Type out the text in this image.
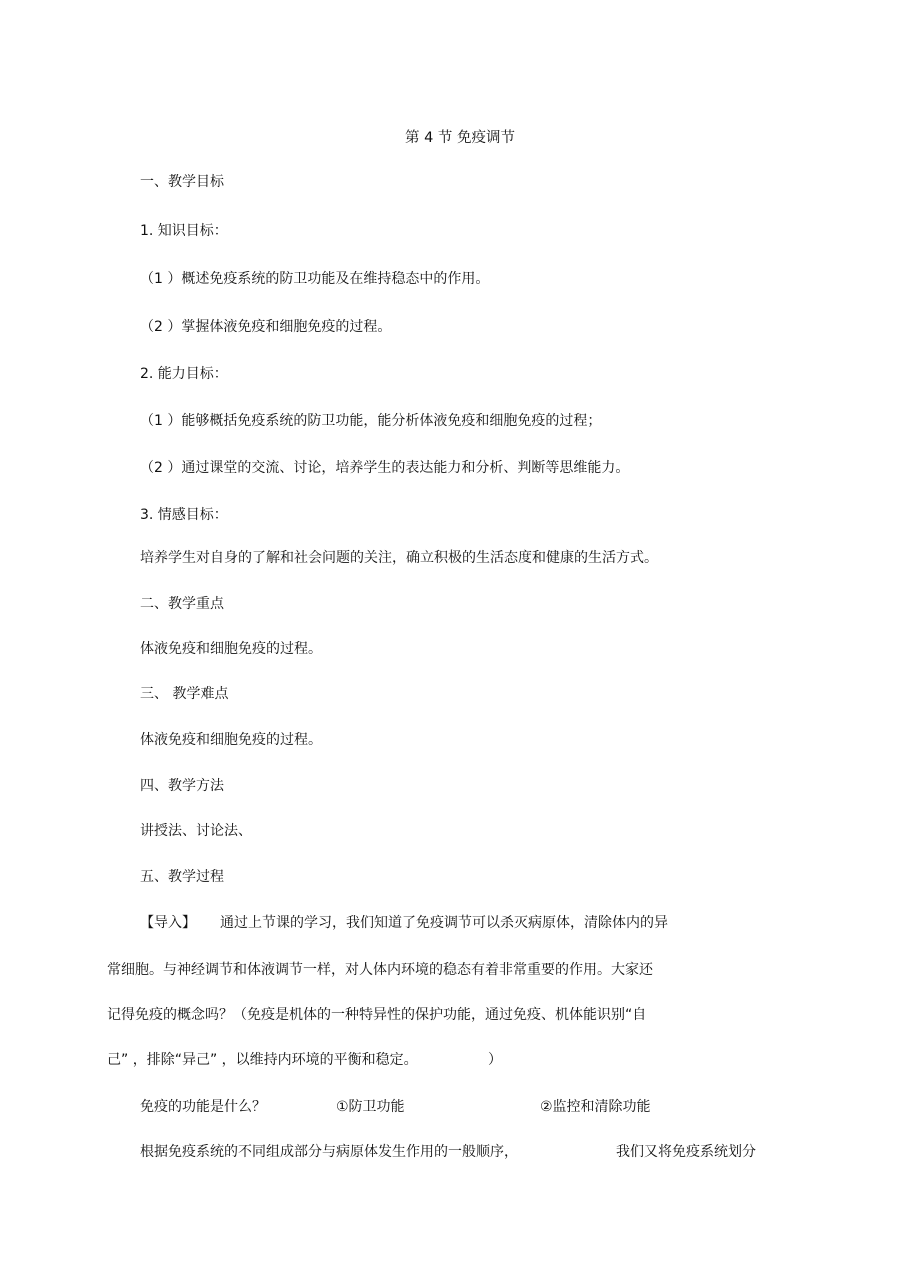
第 4 节 免疫调节

一、教学目标

1. 知识目标：

（1 ）概述免疫系统的防卫功能及在维持稳态中的作用。

（2 ）掌握体液免疫和细胞免疫的过程。

2. 能力目标：

（1 ）能够概括免疫系统的防卫功能，能分析体液免疫和细胞免疫的过程；

（2 ）通过课堂的交流、讨论，培养学生的表达能力和分析、判断等思维能力。

3. 情感目标：

培养学生对自身的了解和社会问题的关注，确立积极的生活态度和健康的生活方式。

二、教学重点

体液免疫和细胞免疫的过程。

三、 教学难点

体液免疫和细胞免疫的过程。

四、教学方法

讲授法、讨论法、

五、教学过程

【导入】 通过上节课的学习，我们知道了免疫调节可以杀灭病原体，清除体内的异

常细胞。与神经调节和体液调节一样，对人体内环境的稳态有着非常重要的作用。大家还

记得免疫的概念吗？（免疫是机体的一种特异性的保护功能，通过免疫、机体能识别“自

己” ，排除“异己” ，以维持内环境的平衡和稳定。	）
免疫的功能是什么？	①防卫功能	②监控和清除功能
根据免疫系统的不同组成部分与病原体发生作用的一般顺序，	我们又将免疫系统划分
